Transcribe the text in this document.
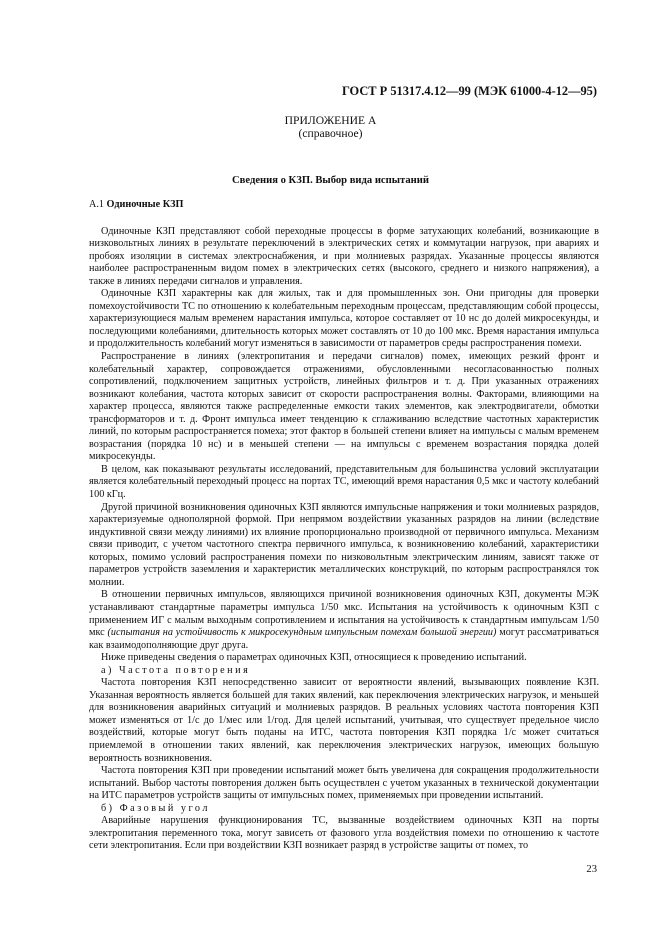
ГОСТ Р 51317.4.12—99 (МЭК 61000-4-12—95)
ПРИЛОЖЕНИЕ А
(справочное)
Сведения о КЗП. Выбор вида испытаний

А.1 Одиночные КЗП

Одиночные КЗП представляют собой переходные процессы в форме затухающих колебаний, возникающие в низковольтных линиях в результате переключений в электрических сетях и коммутации нагрузок, при авариях и пробоях изоляции в системах электроснабжения, и при молниевых разрядах. Указанные процессы являются наиболее распространенным видом помех в электрических сетях (высокого, среднего и низкого напряжения), а также в линиях передачи сигналов и управления.

Одиночные КЗП характерны как для жилых, так и для промышленных зон. Они пригодны для проверки помехоустойчивости ТС по отношению к колебательным переходным процессам, представляющим собой процессы, характеризующиеся малым временем нарастания импульса, которое составляет от 10 нс до долей микросекунды, и последующими колебаниями, длительность которых может составлять от 10 до 100 мкс. Время нарастания импульса и продолжительность колебаний могут изменяться в зависимости от параметров среды распространения помехи.

Распространение в линиях (электропитания и передачи сигналов) помех, имеющих резкий фронт и колебательный характер, сопровождается отражениями, обусловленными несогласованностью полных сопротивлений, подключением защитных устройств, линейных фильтров и т. д. При указанных отражениях возникают колебания, частота которых зависит от скорости распространения волны. Факторами, влияющими на характер процесса, являются также распределенные емкости таких элементов, как электродвигатели, обмотки трансформаторов и т. д. Фронт импульса имеет тенденцию к сглаживанию вследствие частотных характеристик линий, по которым распространяется помеха; этот фактор в большей степени влияет на импульсы с малым временем возрастания (порядка 10 нс) и в меньшей степени — на импульсы с временем возрастания порядка долей микросекунды.

В целом, как показывают результаты исследований, представительным для большинства условий эксплуатации является колебательный переходный процесс на портах ТС, имеющий время нарастания 0,5 мкс и частоту колебаний 100 кГц.

Другой причиной возникновения одиночных КЗП являются импульсные напряжения и токи молниевых разрядов, характеризуемые однополярной формой. При непрямом воздействии указанных разрядов на линии (вследствие индуктивной связи между линиями) их влияние пропорционально производной от первичного импульса. Механизм связи приводит, с учетом частотного спектра первичного импульса, к возникновению колебаний, характеристики которых, помимо условий распространения помехи по низковольтным электрическим линиям, зависят также от параметров устройств заземления и характеристик металлических конструкций, по которым распространялся ток молнии.

В отношении первичных импульсов, являющихся причиной возникновения одиночных КЗП, документы МЭК устанавливают стандартные параметры импульса 1/50 мкс. Испытания на устойчивость к одиночным КЗП с применением ИГ с малым выходным сопротивлением и испытания на устойчивость к стандартным импульсам 1/50 мкс (испытания на устойчивость к микросекундным импульсным помехам большой энергии) могут рассматриваться как взаимодополняющие друг друга.

Ниже приведены сведения о параметрах одиночных КЗП, относящиеся к проведению испытаний.

а) Частота повторения

Частота повторения КЗП непосредственно зависит от вероятности явлений, вызывающих появление КЗП. Указанная вероятность является большей для таких явлений, как переключения электрических нагрузок, и меньшей для возникновения аварийных ситуаций и молниевых разрядов. В реальных условиях частота повторения КЗП может изменяться от 1/с до 1/мес или 1/год. Для целей испытаний, учитывая, что существует предельное число воздействий, которые могут быть поданы на ИТС, частота повторения КЗП порядка 1/с может считаться приемлемой в отношении таких явлений, как переключения электрических нагрузок, имеющих большую вероятность возникновения.

Частота повторения КЗП при проведении испытаний может быть увеличена для сокращения продолжительности испытаний. Выбор частоты повторения должен быть осуществлен с учетом указанных в технической документации на ИТС параметров устройств защиты от импульсных помех, применяемых при проведении испытаний.

б) Фазовый угол

Аварийные нарушения функционирования ТС, вызванные воздействием одиночных КЗП на порты электропитания переменного тока, могут зависеть от фазового угла воздействия помехи по отношению к частоте сети электропитания. Если при воздействии КЗП возникает разряд в устройстве защиты от помех, то

23
